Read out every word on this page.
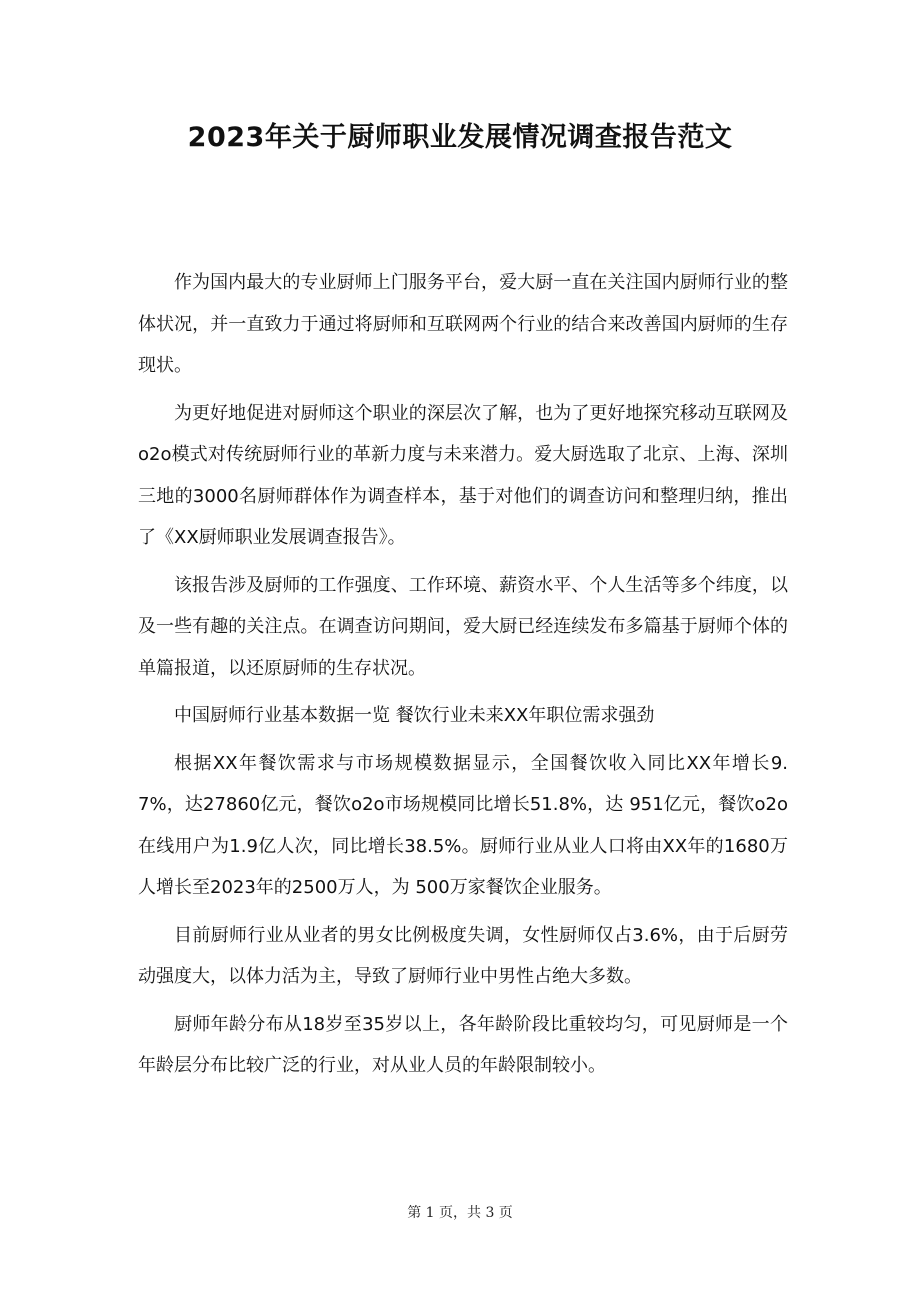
2023年关于厨师职业发展情况调查报告范文

作为国内最大的专业厨师上门服务平台，爱大厨一直在关注国内厨师行业的整体状况，并一直致力于通过将厨师和互联网两个行业的结合来改善国内厨师的生存现状。

为更好地促进对厨师这个职业的深层次了解，也为了更好地探究移动互联网及o2o模式对传统厨师行业的革新力度与未来潜力。爱大厨选取了北京、上海、深圳三地的3000名厨师群体作为调查样本，基于对他们的调查访问和整理归纳，推出了《XX厨师职业发展调查报告》。

该报告涉及厨师的工作强度、工作环境、薪资水平、个人生活等多个纬度，以及一些有趣的关注点。在调查访问期间，爱大厨已经连续发布多篇基于厨师个体的单篇报道，以还原厨师的生存状况。

中国厨师行业基本数据一览 餐饮行业未来XX年职位需求强劲

根据XX年餐饮需求与市场规模数据显示，全国餐饮收入同比XX年增长9.7%，达27860亿元，餐饮o2o市场规模同比增长51.8%，达 951亿元，餐饮o2o在线用户为1.9亿人次，同比增长38.5%。厨师行业从业人口将由XX年的1680万人增长至2023年的2500万人，为 500万家餐饮企业服务。

目前厨师行业从业者的男女比例极度失调，女性厨师仅占3.6%，由于后厨劳动强度大，以体力活为主，导致了厨师行业中男性占绝大多数。

厨师年龄分布从18岁至35岁以上，各年龄阶段比重较均匀，可见厨师是一个年龄层分布比较广泛的行业，对从业人员的年龄限制较小。

第 1 页，共 3 页
